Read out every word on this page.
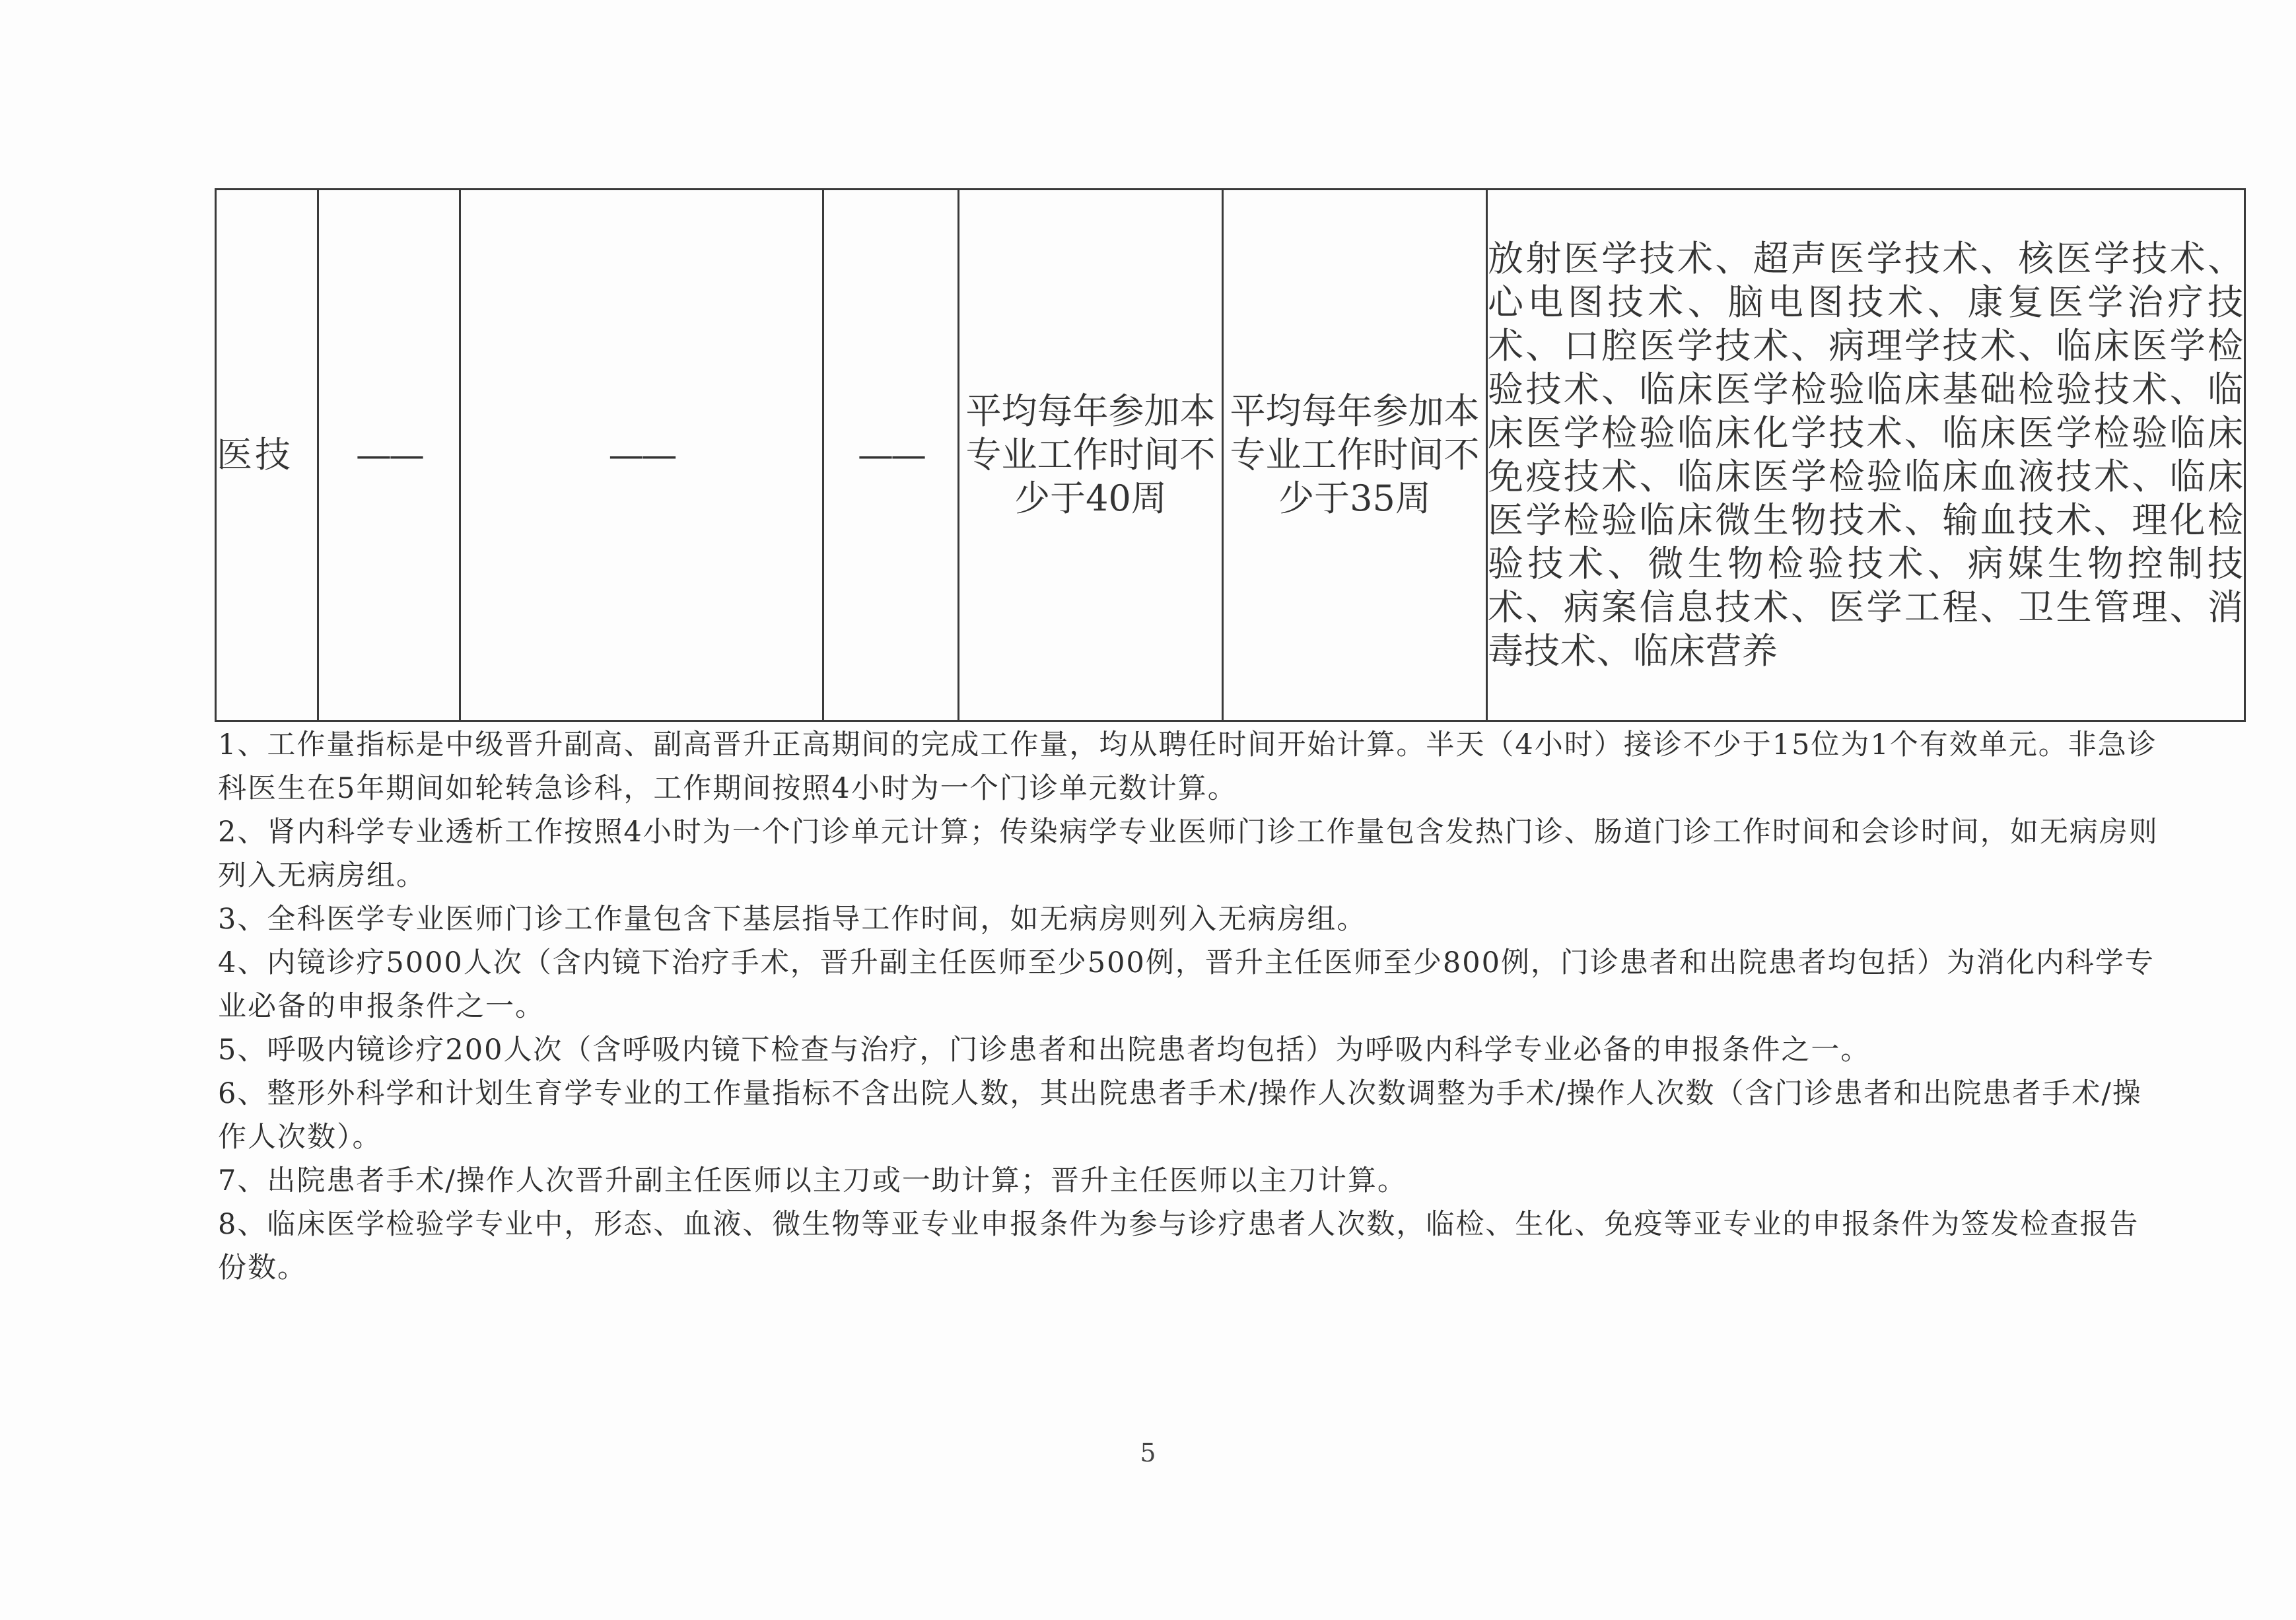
医技	——	——	——	平均每年参加本专业工作时间不少于40周	平均每年参加本专业工作时间不少于35周	放射医学技术、超声医学技术、核医学技术、心电图技术、脑电图技术、康复医学治疗技术、口腔医学技术、病理学技术、临床医学检验技术、临床医学检验临床基础检验技术、临床医学检验临床化学技术、临床医学检验临床免疫技术、临床医学检验临床血液技术、临床医学检验临床微生物技术、输血技术、理化检验技术、微生物检验技术、病媒生物控制技术、病案信息技术、医学工程、卫生管理、消毒技术、临床营养

1、工作量指标是中级晋升副高、副高晋升正高期间的完成工作量，均从聘任时间开始计算。半天（4小时）接诊不少于15位为1个有效单元。非急诊科医生在5年期间如轮转急诊科，工作期间按照4小时为一个门诊单元数计算。

2、肾内科学专业透析工作按照4小时为一个门诊单元计算；传染病学专业医师门诊工作量包含发热门诊、肠道门诊工作时间和会诊时间，如无病房则列入无病房组。

3、全科医学专业医师门诊工作量包含下基层指导工作时间，如无病房则列入无病房组。

4、内镜诊疗5000人次（含内镜下治疗手术，晋升副主任医师至少500例，晋升主任医师至少800例，门诊患者和出院患者均包括）为消化内科学专业必备的申报条件之一。

5、呼吸内镜诊疗200人次（含呼吸内镜下检查与治疗，门诊患者和出院患者均包括）为呼吸内科学专业必备的申报条件之一。

6、整形外科学和计划生育学专业的工作量指标不含出院人数，其出院患者手术/操作人次数调整为手术/操作人次数（含门诊患者和出院患者手术/操作人次数）。

7、出院患者手术/操作人次晋升副主任医师以主刀或一助计算；晋升主任医师以主刀计算。

8、临床医学检验学专业中，形态、血液、微生物等亚专业申报条件为参与诊疗患者人次数，临检、生化、免疫等亚专业的申报条件为签发检查报告份数。

5
